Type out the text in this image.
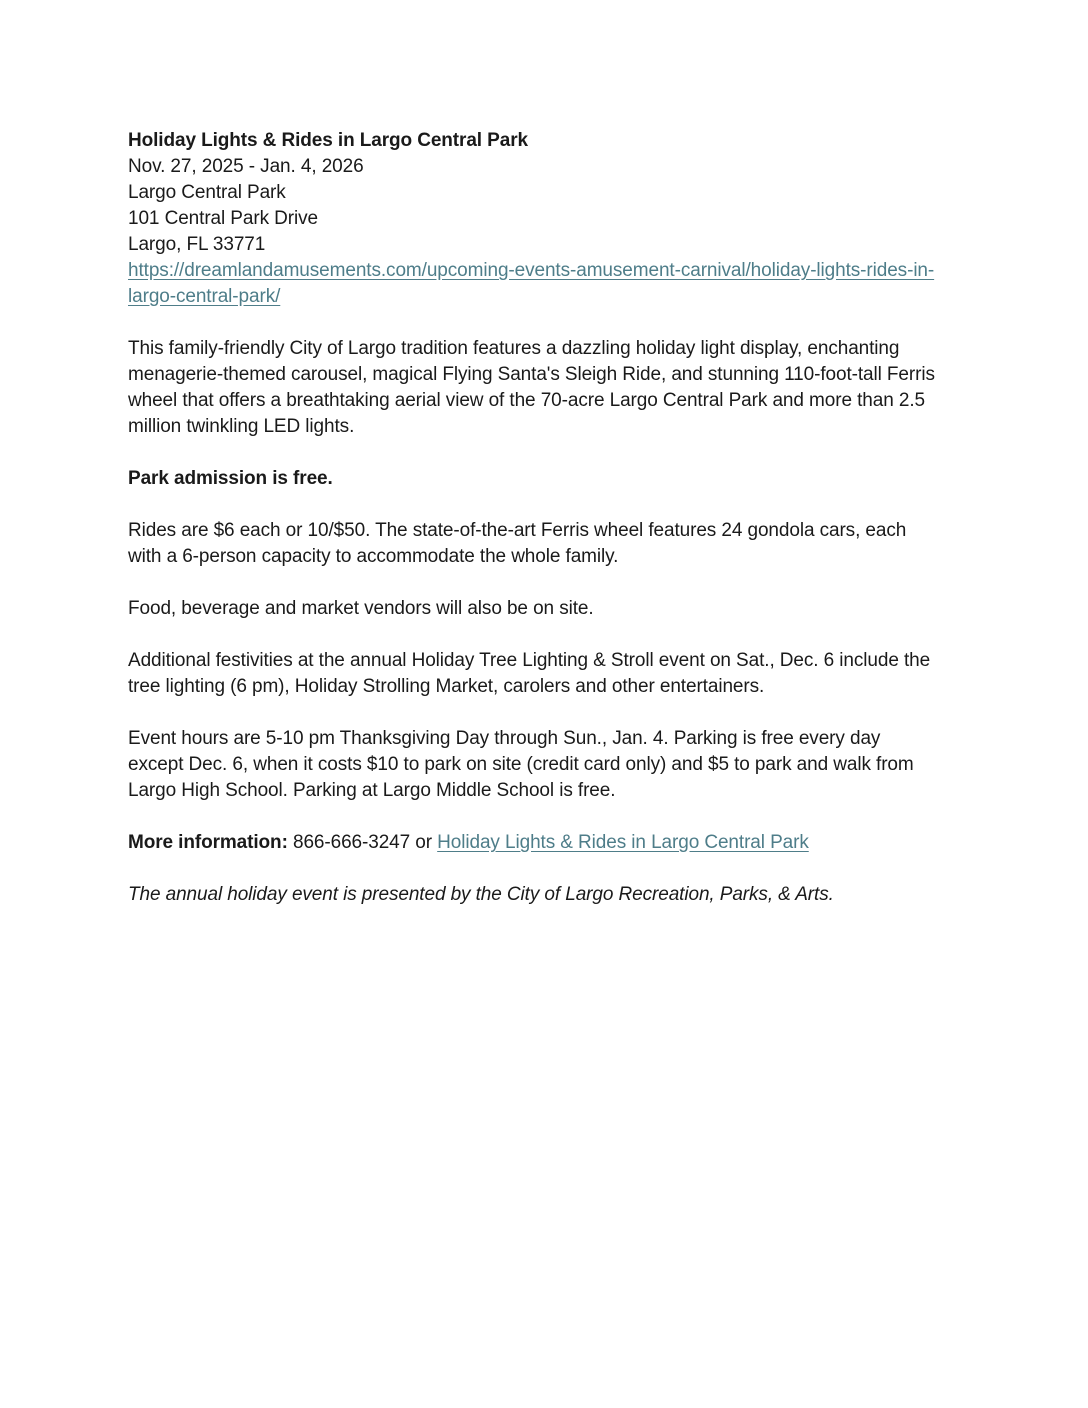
Holiday Lights & Rides in Largo Central Park
Nov. 27, 2025 - Jan. 4, 2026
Largo Central Park
101 Central Park Drive
Largo, FL 33771
https://dreamlandamusements.com/upcoming-events-amusement-carnival/holiday-lights-rides-in-largo-central-park/

This family-friendly City of Largo tradition features a dazzling holiday light display, enchanting menagerie-themed carousel, magical Flying Santa's Sleigh Ride, and stunning 110-foot-tall Ferris wheel that offers a breathtaking aerial view of the 70-acre Largo Central Park and more than 2.5 million twinkling LED lights.

Park admission is free.

Rides are $6 each or 10/$50. The state-of-the-art Ferris wheel features 24 gondola cars, each with a 6-person capacity to accommodate the whole family.

Food, beverage and market vendors will also be on site.

Additional festivities at the annual Holiday Tree Lighting & Stroll event on Sat., Dec. 6 include the tree lighting (6 pm), Holiday Strolling Market, carolers and other entertainers.

Event hours are 5-10 pm Thanksgiving Day through Sun., Jan. 4. Parking is free every day except Dec. 6, when it costs $10 to park on site (credit card only) and $5 to park and walk from Largo High School. Parking at Largo Middle School is free.

More information: 866-666-3247 or Holiday Lights & Rides in Largo Central Park

The annual holiday event is presented by the City of Largo Recreation, Parks, & Arts.
